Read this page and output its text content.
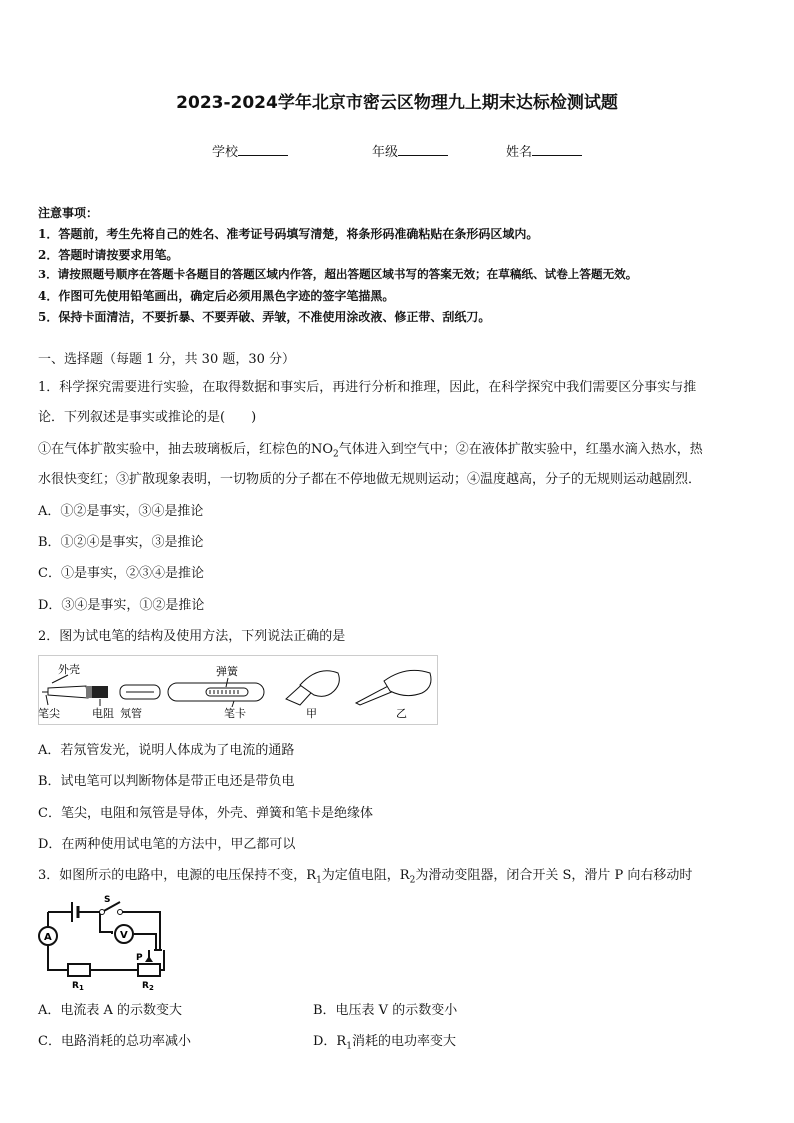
2023-2024学年北京市密云区物理九上期末达标检测试题
学校	年级	姓名
注意事项：
1．答题前，考生先将自己的姓名、准考证号码填写清楚，将条形码准确粘贴在条形码区域内。
2．答题时请按要求用笔。
3．请按照题号顺序在答题卡各题目的答题区域内作答，超出答题区域书写的答案无效；在草稿纸、试卷上答题无效。
4．作图可先使用铅笔画出，确定后必须用黑色字迹的签字笔描黑。
5．保持卡面清洁，不要折暴、不要弄破、弄皱，不准使用涂改液、修正带、刮纸刀。
一、选择题（每题 1 分，共 30 题，30 分）
1．科学探究需要进行实验，在取得数据和事实后，再进行分析和推理，因此，在科学探究中我们需要区分事实与推
论．下列叙述是事实或推论的是(　　)
①在气体扩散实验中，抽去玻璃板后，红棕色的$NO_2$气体进入到空气中；②在液体扩散实验中，红墨水滴入热水，热
水很快变红；③扩散现象表明，一切物质的分子都在不停地做无规则运动；④温度越高，分子的无规则运动越剧烈．
A．①②是事实，③④是推论
B．①②④是事实，③是推论
C．①是事实，②③④是推论
D．③④是事实，①②是推论
2．图为试电笔的结构及使用方法，下列说法正确的是
外壳
笔尖	电阻 氖管
弹簧
笔卡	甲	乙
A．若氖管发光，说明人体成为了电流的通路
B．试电笔可以判断物体是带正电还是带负电
C．笔尖，电阻和氖管是导体，外壳、弹簧和笔卡是绝缘体
D．在两种使用试电笔的方法中，甲乙都可以
3．如图所示的电路中，电源的电压保持不变，$R_1$为定值电阻，$R_2$为滑动变阻器，闭合开关 S，滑片 P 向右移动时
S
A	V
$R_1$
P
$R_2$
A．电流表 A 的示数变大	B．电压表 V 的示数变小
C．电路消耗的总功率减小	D．$R_1$消耗的电功率变大
